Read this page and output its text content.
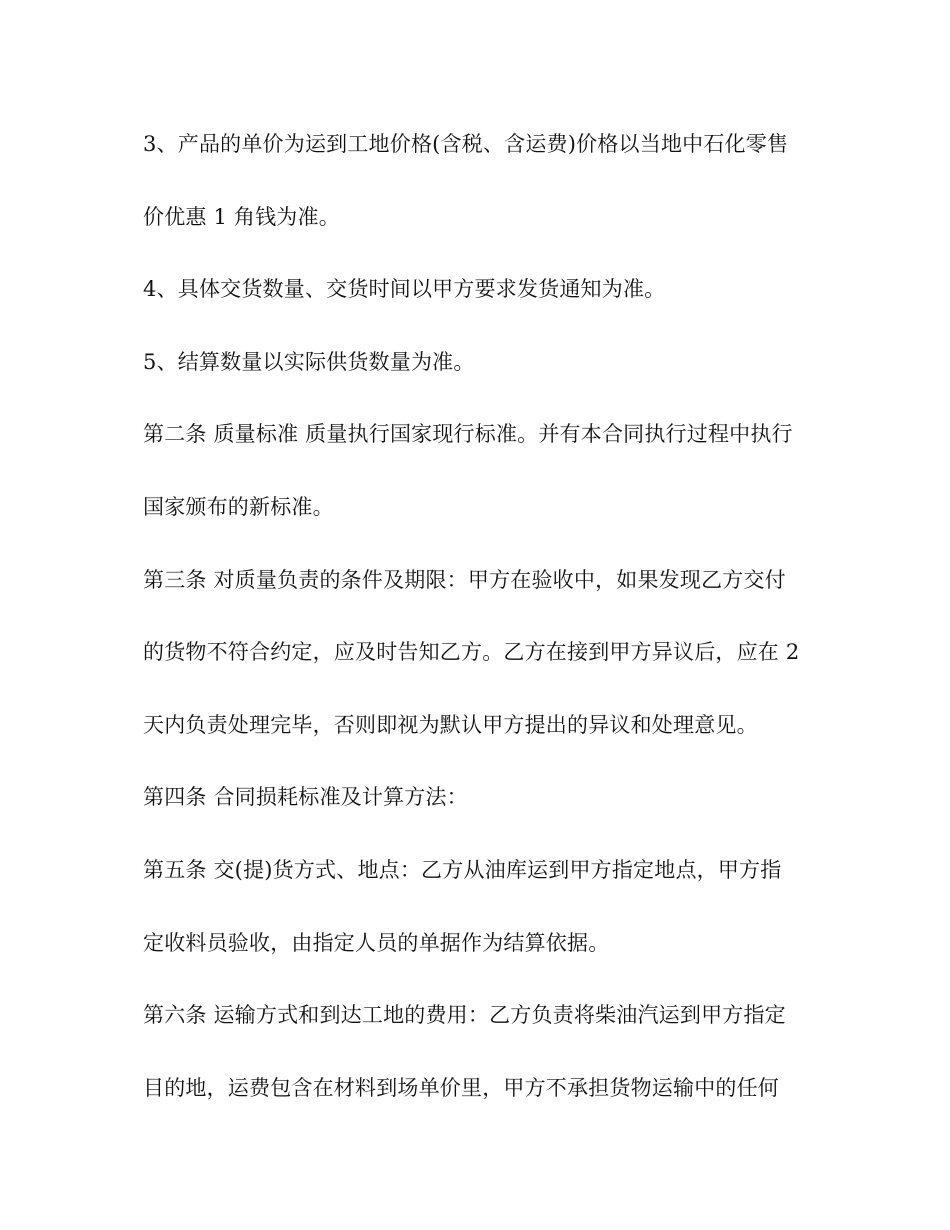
3、产品的单价为运到工地价格(含税、含运费)价格以当地中石化零售
价优惠 1 角钱为准。
4、具体交货数量、交货时间以甲方要求发货通知为准。
5、结算数量以实际供货数量为准。
第二条 质量标准 质量执行国家现行标准。并有本合同执行过程中执行
国家颁布的新标准。
第三条 对质量负责的条件及期限：甲方在验收中，如果发现乙方交付
的货物不符合约定，应及时告知乙方。乙方在接到甲方异议后，应在 2
天内负责处理完毕，否则即视为默认甲方提出的异议和处理意见。
第四条 合同损耗标准及计算方法：
第五条 交(提)货方式、地点：乙方从油库运到甲方指定地点，甲方指
定收料员验收，由指定人员的单据作为结算依据。
第六条 运输方式和到达工地的费用：乙方负责将柴油汽运到甲方指定
目的地，运费包含在材料到场单价里，甲方不承担货物运输中的任何
